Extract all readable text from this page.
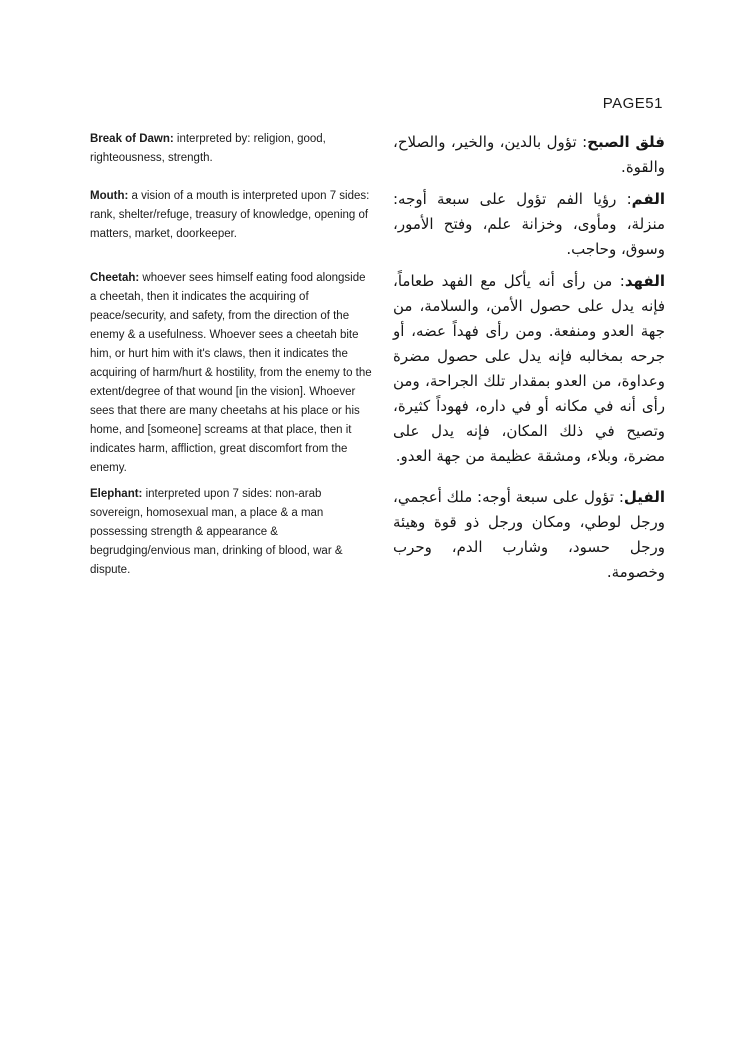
PAGE51
Break of Dawn: interpreted by: religion, good, righteousness, strength.
فلق الصبح: تؤول بالدين، والخير، والصلاح، والقوة.
Mouth: a vision of a mouth is interpreted upon 7 sides: rank, shelter/refuge, treasury of knowledge, opening of matters, market, doorkeeper.
الفم: رؤيا الفم تؤول على سبعة أوجه: منزلة، ومأوى، وخزانة علم، وفتح الأمور، وسوق، وحاجب.
Cheetah: whoever sees himself eating food alongside a cheetah, then it indicates the acquiring of peace/security, and safety, from the direction of the enemy & a usefulness. Whoever sees a cheetah bite him, or hurt him with it's claws, then it indicates the acquiring of harm/hurt & hostility, from the enemy to the extent/degree of that wound [in the vision]. Whoever sees that there are many cheetahs at his place or his home, and [someone] screams at that place, then it indicates harm, affliction, great discomfort from the enemy.
الفهد: من رأى أنه يأكل مع الفهد طعاماً، فإنه يدل على حصول الأمن، والسلامة، من جهة العدو ومنفعة. ومن رأى فهداً عضه، أو جرحه بمخالبه فإنه يدل على حصول مضرة وعداوة، من العدو بمقدار تلك الجراحة، ومن رأى أنه في مكانه أو في داره، فهوداً كثيرة، وتصيح في ذلك المكان، فإنه يدل على مضرة، وبلاء، ومشقة عظيمة من جهة العدو.
Elephant: interpreted upon 7 sides: non-arab sovereign, homosexual man, a place & a man possessing strength & appearance & begrudging/envious man, drinking of blood, war & dispute.
الفيل: تؤول على سبعة أوجه: ملك أعجمي، ورجل لوطي، ومكان ورجل ذو قوة وهيئة ورجل حسود، وشارب الدم، وحرب وخصومة.
